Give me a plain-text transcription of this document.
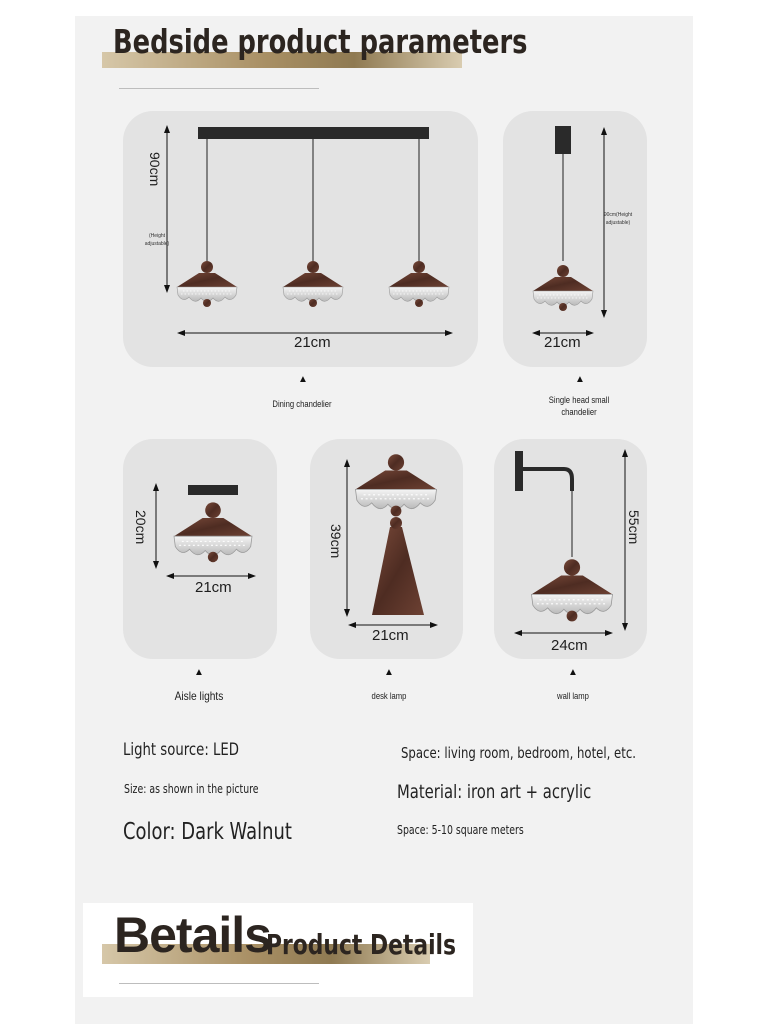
Bedside product parameters
90cm
(Height adjustable)
21cm
90cm(Height adjustable)
21cm
▲
Dining chandelier
▲
Single head small chandelier
20cm
21cm
39cm
21cm
55cm
24cm
▲
Aisle lights
▲
desk lamp
▲
wall lamp
Light source: LED	Space: living room, bedroom, hotel, etc.
Size: as shown in the picture	Material: iron art + acrylic
Color: Dark Walnut	Space: 5-10 square meters
Betails
Product Details
